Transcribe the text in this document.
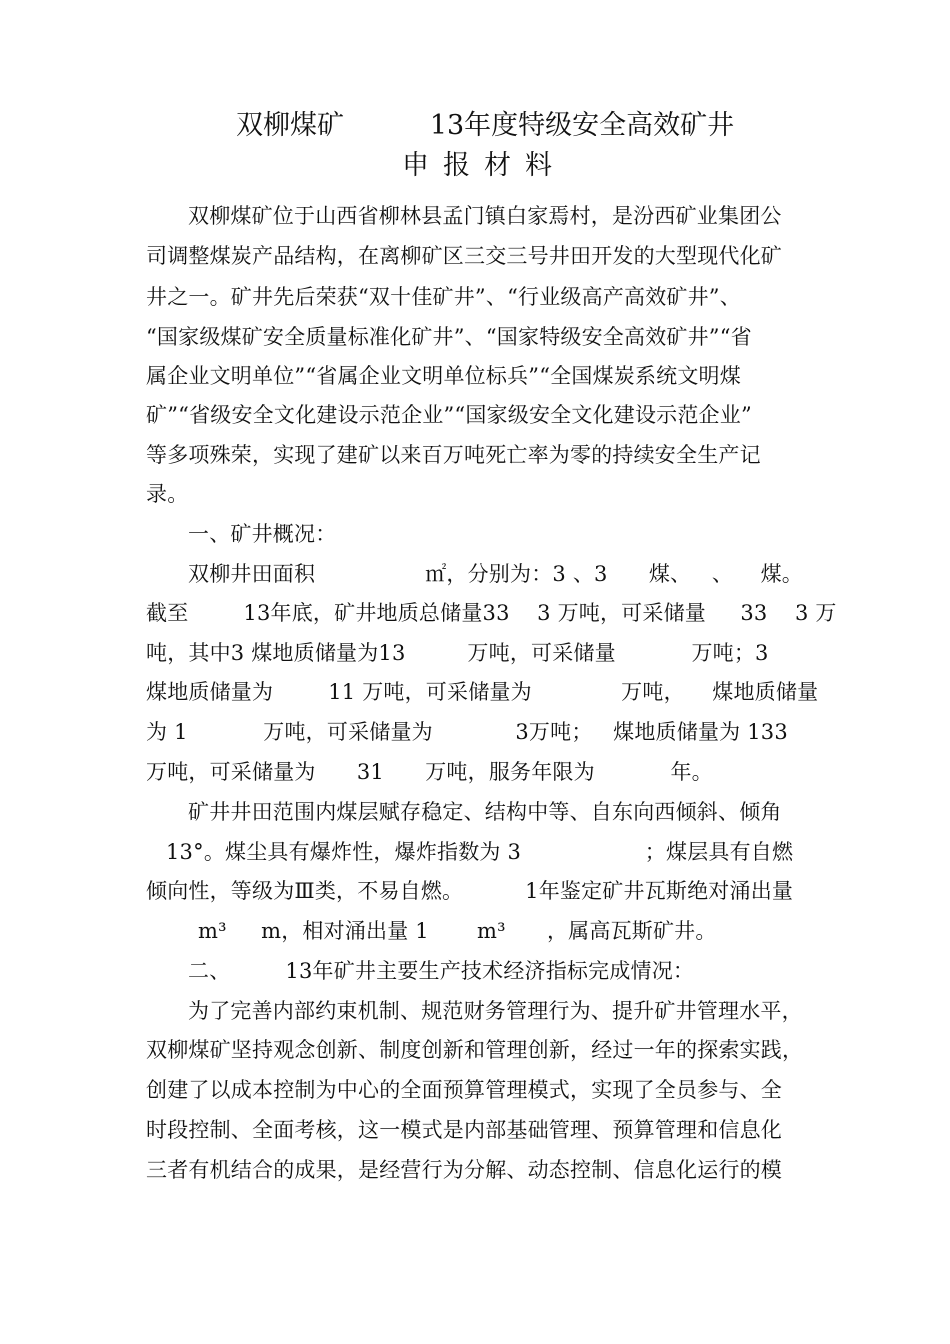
双柳煤矿          13年度特级安全高效矿井
申报材料
双柳煤矿位于山西省柳林县孟门镇白家焉村，是汾西矿业集团公
司调整煤炭产品结构，在离柳矿区三交三号井田开发的大型现代化矿
井之一。矿井先后荣获“双十佳矿井”、“行业级高产高效矿井”、
“国家级煤矿安全质量标准化矿井”、“国家特级安全高效矿井”“省
属企业文明单位”“省属企业文明单位标兵”“全国煤炭系统文明煤
矿”“省级安全文化建设示范企业”“国家级安全文化建设示范企业”
等多项殊荣，实现了建矿以来百万吨死亡率为零的持续安全生产记
录。
一、矿井概况：
双柳井田面积                ㎡，分别为：3 、3      煤、   、    煤。
截至        13年底，矿井地质总储量33    3 万吨，可采储量     33    3 万
吨，其中3 煤地质储量为13         万吨，可采储量           万吨；3
煤地质储量为        11 万吨，可采储量为             万吨，    煤地质储量
为 1           万吨，可采储量为            3万吨；   煤地质储量为 133
万吨，可采储量为      31      万吨，服务年限为           年。
矿井井田范围内煤层赋存稳定、结构中等、自东向西倾斜、倾角
13°。煤尘具有爆炸性，爆炸指数为 3                  ；煤层具有自燃
倾向性，等级为Ⅲ类，不易自燃。         1年鉴定矿井瓦斯绝对涌出量
m³     m，相对涌出量 1       m³      ，属高瓦斯矿井。
二、        13年矿井主要生产技术经济指标完成情况：
为了完善内部约束机制、规范财务管理行为、提升矿井管理水平，
双柳煤矿坚持观念创新、制度创新和管理创新，经过一年的探索实践，
创建了以成本控制为中心的全面预算管理模式，实现了全员参与、全
时段控制、全面考核，这一模式是内部基础管理、预算管理和信息化
三者有机结合的成果，是经营行为分解、动态控制、信息化运行的模
